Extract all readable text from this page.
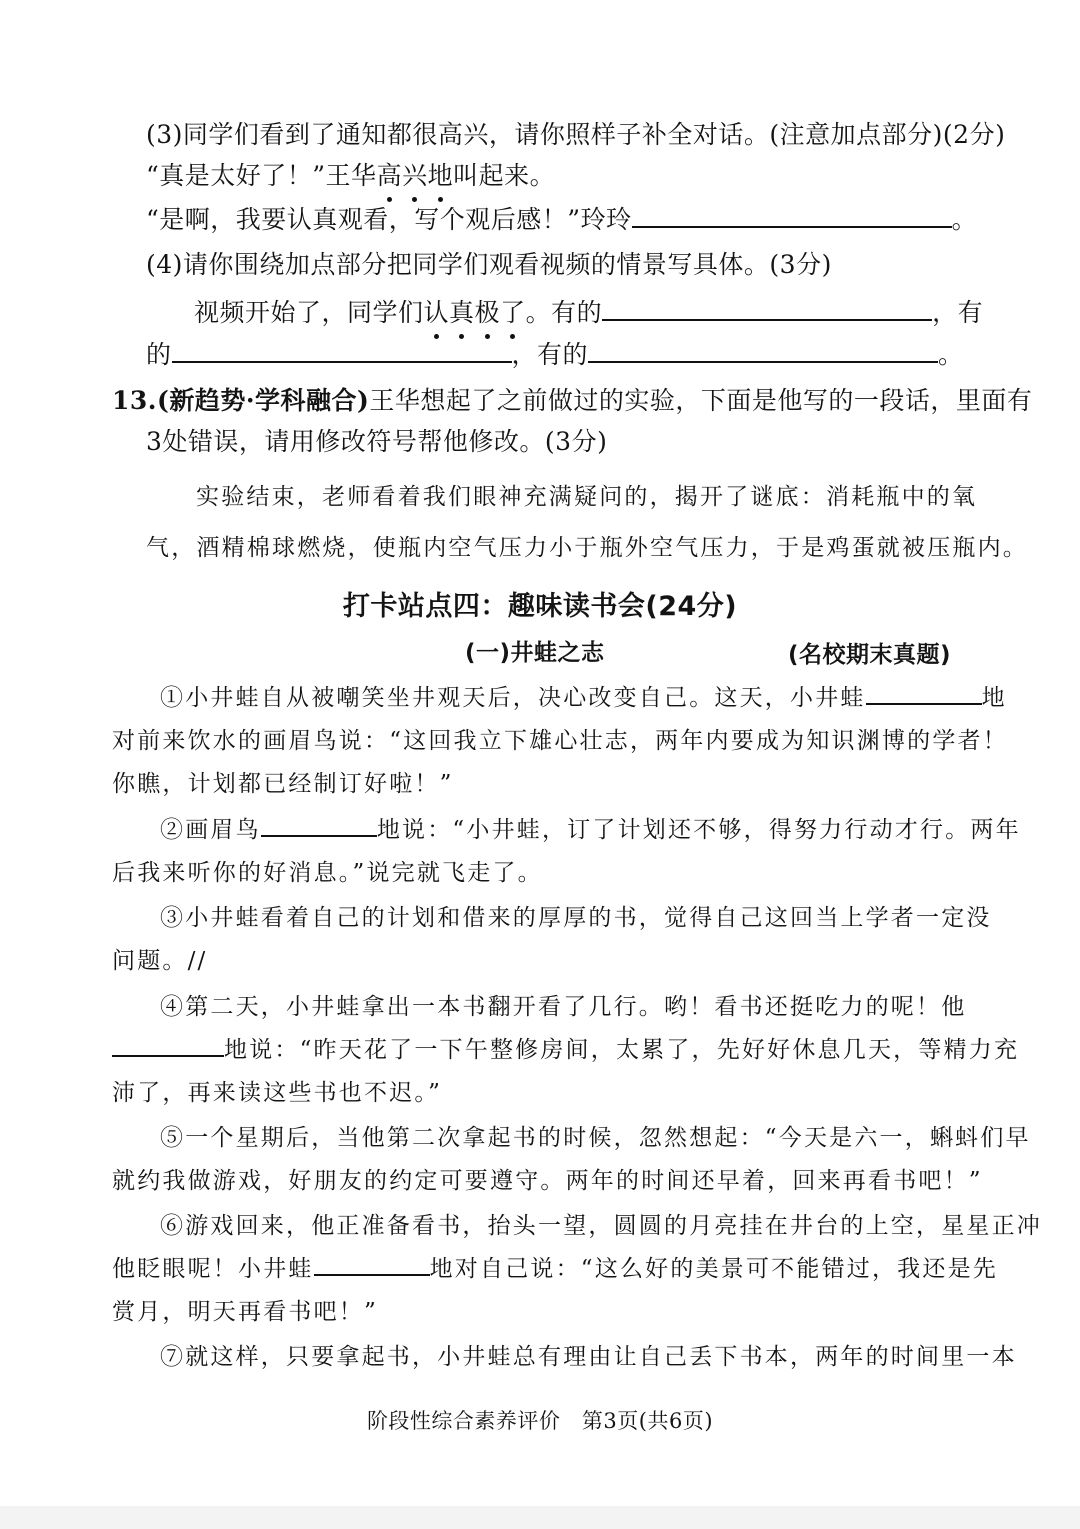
(3)同学们看到了通知都很高兴，请你照样子补全对话。(注意加点部分)(2分)
“真是太好了！”王华高兴地叫起来。
“是啊，我要认真观看，写个观后感！”玲玲	。
(4)请你围绕加点部分把同学们观看视频的情景写具体。(3分)
视频开始了，同学们认真极了。有的	，有
的	，有的	。
13.(新趋势·学科融合)王华想起了之前做过的实验，下面是他写的一段话，里面有
3处错误，请用修改符号帮他修改。(3分)
实验结束，老师看着我们眼神充满疑问的，揭开了谜底：消耗瓶中的氧
气，酒精棉球燃烧，使瓶内空气压力小于瓶外空气压力，于是鸡蛋就被压瓶内。
打卡站点四：趣味读书会(24分)
(一)井蛙之志	(名校期末真题)
①小井蛙自从被嘲笑坐井观天后，决心改变自己。这天，小井蛙	地
对前来饮水的画眉鸟说：“这回我立下雄心壮志，两年内要成为知识渊博的学者！
你瞧，计划都已经制订好啦！”
②画眉鸟	地说：“小井蛙，订了计划还不够，得努力行动才行。两年
后我来听你的好消息。”说完就飞走了。
③小井蛙看着自己的计划和借来的厚厚的书，觉得自己这回当上学者一定没
问题。//
④第二天，小井蛙拿出一本书翻开看了几行。哟！看书还挺吃力的呢！他
地说：“昨天花了一下午整修房间，太累了，先好好休息几天，等精力充
沛了，再来读这些书也不迟。”
⑤一个星期后，当他第二次拿起书的时候，忽然想起：“今天是六一，蝌蚪们早
就约我做游戏，好朋友的约定可要遵守。两年的时间还早着，回来再看书吧！”
⑥游戏回来，他正准备看书，抬头一望，圆圆的月亮挂在井台的上空，星星正冲
他眨眼呢！小井蛙	地对自己说：“这么好的美景可不能错过，我还是先
赏月，明天再看书吧！”
⑦就这样，只要拿起书，小井蛙总有理由让自己丢下书本，两年的时间里一本
阶段性综合素养评价　第3页(共6页)
